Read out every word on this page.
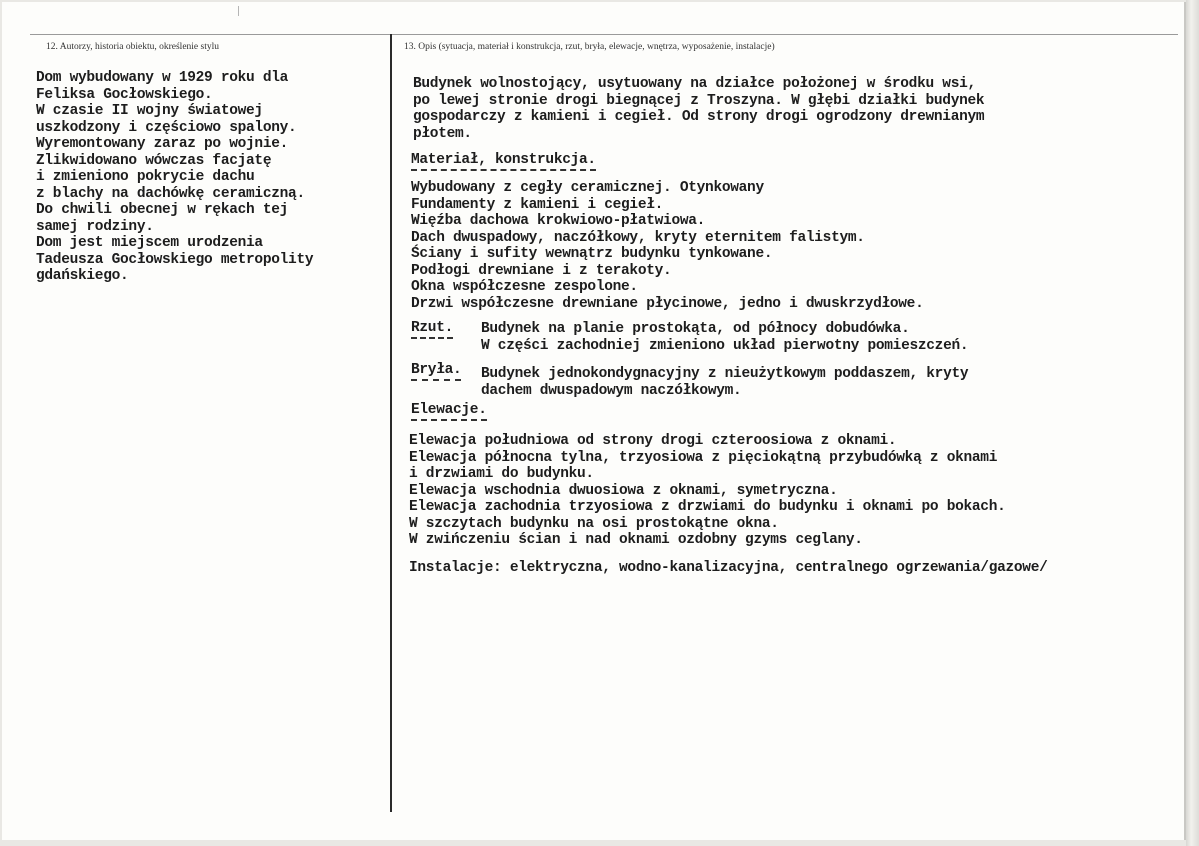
12. Autorzy, historia obiektu, określenie stylu	13. Opis (sytuacja, materiał i konstrukcja, rzut, bryła, elewacje, wnętrza, wyposażenie, instalacje)
Dom wybudowany w 1929 roku dla
Feliksa Gocłowskiego.
W czasie II wojny światowej
uszkodzony i częściowo spalony.
Wyremontowany zaraz po wojnie.
Zlikwidowano wówczas facjatę
i zmieniono pokrycie dachu
z blachy na dachówkę ceramiczną.
Do chwili obecnej w rękach tej
samej rodziny.
Dom jest miejscem urodzenia
Tadeusza Gocłowskiego metropolity
gdańskiego.
Budynek wolnostojący, usytuowany na działce położonej w środku wsi,
po lewej stronie drogi biegnącej z Troszyna. W głębi działki budynek
gospodarczy z kamieni i cegieł. Od strony drogi ogrodzony drewnianym
płotem.
Materiał, konstrukcja.
Wybudowany z cegły ceramicznej. Otynkowany
Fundamenty z kamieni i cegieł.
Więźba dachowa krokwiowo-płatwiowa.
Dach dwuspadowy, naczółkowy, kryty eternitem falistym.
Ściany i sufity wewnątrz budynku tynkowane.
Podłogi drewniane i z terakoty.
Okna współczesne zespolone.
Drzwi współczesne drewniane płycinowe, jedno i dwuskrzydłowe.
Rzut. Budynek na planie prostokąta, od północy dobudówka.
W części zachodniej zmieniono układ pierwotny pomieszczeń.
Bryła. Budynek jednokondygnacyjny z nieużytkowym poddaszem, kryty
dachem dwuspadowym naczółkowym.
Elewacje.
Elewacja południowa od strony drogi czteroosiowa z oknami.
Elewacja północna tylna, trzyosiowa z pięciokątną przybudówką z oknami
i drzwiami do budynku.
Elewacja wschodnia dwuosiowa z oknami, symetryczna.
Elewacja zachodnia trzyosiowa z drzwiami do budynku i oknami po bokach.
W szczytach budynku na osi prostokątne okna.
W zwińczeniu ścian i nad oknami ozdobny gzyms ceglany.
Instalacje: elektryczna, wodno-kanalizacyjna, centralnego ogrzewania/gazowe/
